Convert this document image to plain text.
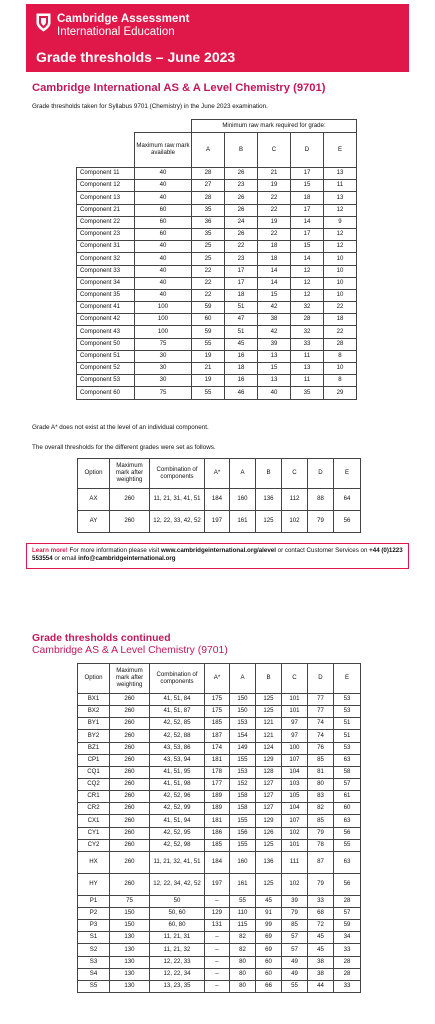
Cambridge Assessment
International Education
Grade thresholds – June 2023
Cambridge International AS & A Level Chemistry (9701)
Grade thresholds taken for Syllabus 9701 (Chemistry) in the June 2023 examination.
		Minimum raw mark required for grade:				
	Maximum raw mark available	A	B	C	D	E
Component 11	40	28	26	21	17	13
Component 12	40	27	23	19	15	11
Component 13	40	28	26	22	18	13
Component 21	60	35	26	22	17	12
Component 22	60	36	24	19	14	9
Component 23	60	35	26	22	17	12
Component 31	40	25	22	18	15	12
Component 32	40	25	23	18	14	10
Component 33	40	22	17	14	12	10
Component 34	40	22	17	14	12	10
Component 35	40	22	18	15	12	10
Component 41	100	59	51	42	32	22
Component 42	100	60	47	38	28	18
Component 43	100	59	51	42	32	22
Component 50	75	55	45	39	33	28
Component 51	30	19	16	13	11	8
Component 52	30	21	18	15	13	10
Component 53	30	19	16	13	11	8
Component 60	75	55	46	40	35	29
Grade A* does not exist at the level of an individual component.
The overall thresholds for the different grades were set as follows.
Option	Maximum mark after weighting	Combination of components	A*	A	B	C	D	E
AX	260	11, 21, 31, 41, 51	184	160	136	112	88	64
AY	260	12, 22, 33, 42, 52	197	161	125	102	79	56
Learn more! For more information please visit www.cambridgeinternational.org/alevel or contact Customer Services on +44 (0)1223 553554 or email info@cambridgeinternational.org
Grade thresholds continued
Cambridge AS & A Level Chemistry (9701)
Option	Maximum mark after weighting	Combination of components	A*	A	B	C	D	E
BX1	260	41, 51, 84	175	150	125	101	77	53
BX2	260	41, 51, 87	175	150	125	101	77	53
BY1	260	42, 52, 85	185	153	121	97	74	51
BY2	260	42, 52, 88	187	154	121	97	74	51
BZ1	260	43, 53, 86	174	149	124	100	76	53
CP1	260	43, 53, 94	181	155	129	107	85	63
CQ1	260	41, 51, 95	178	153	128	104	81	58
CQ2	260	41, 51, 98	177	152	127	103	80	57
CR1	260	42, 52, 96	189	158	127	105	83	61
CR2	260	42, 52, 99	189	158	127	104	82	60
CX1	260	41, 51, 94	181	155	129	107	85	63
CY1	260	42, 52, 95	186	156	126	102	79	56
CY2	260	42, 52, 98	185	155	125	101	78	55
HX	260	11, 21, 32, 41, 51	184	160	136	111	87	63
HY	260	12, 22, 34, 42, 52	197	161	125	102	79	56
P1	75	50	–	55	45	39	33	28
P2	150	50, 60	129	110	91	79	68	57
P3	150	60, 80	131	115	99	85	72	59
S1	130	11, 21, 31	–	82	69	57	45	34
S2	130	11, 21, 32	–	82	69	57	45	33
S3	130	12, 22, 33	–	80	60	49	38	28
S4	130	12, 22, 34	–	80	60	49	38	28
S5	130	13, 23, 35	–	80	66	55	44	33
